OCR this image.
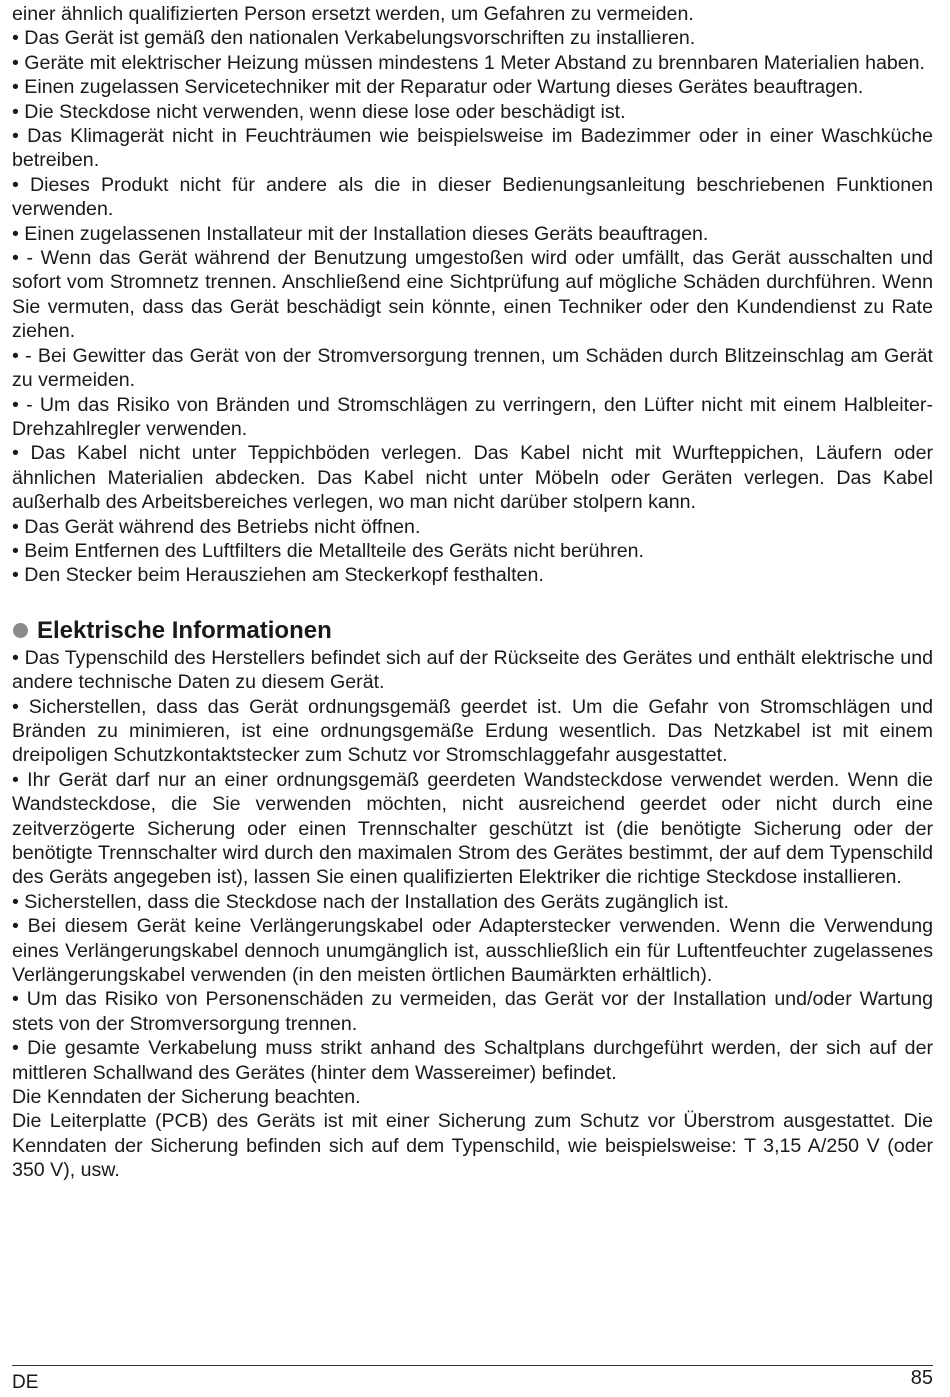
einer ähnlich qualifizierten Person ersetzt werden, um Gefahren zu vermeiden.

• Das Gerät ist gemäß den nationalen Verkabelungsvorschriften zu installieren.

• Geräte mit elektrischer Heizung müssen mindestens 1 Meter Abstand zu brennbaren Materialien haben.

• Einen zugelassen Servicetechniker mit der Reparatur oder Wartung dieses Gerätes beauftragen.

• Die Steckdose nicht verwenden, wenn diese lose oder beschädigt ist.

• Das Klimagerät nicht in Feuchträumen wie beispielsweise im Badezimmer oder in einer Waschküche betreiben.

• Dieses Produkt nicht für andere als die in dieser Bedienungsanleitung beschriebenen Funktionen verwenden.

• Einen zugelassenen Installateur mit der Installation dieses Geräts beauftragen.

• - Wenn das Gerät während der Benutzung umgestoßen wird oder umfällt, das Gerät ausschalten und sofort vom Stromnetz trennen. Anschließend eine Sichtprüfung auf mögliche Schäden durchführen. Wenn Sie vermuten, dass das Gerät beschädigt sein könnte, einen Techniker oder den Kundendienst zu Rate ziehen.

• - Bei Gewitter das Gerät von der Stromversorgung trennen, um Schäden durch Blitzeinschlag am Gerät zu vermeiden.

• - Um das Risiko von Bränden und Stromschlägen zu verringern, den Lüfter nicht mit einem Halbleiter-Drehzahlregler verwenden.

• Das Kabel nicht unter Teppichböden verlegen. Das Kabel nicht mit Wurfteppichen, Läufern oder ähnlichen Materialien abdecken. Das Kabel nicht unter Möbeln oder Geräten verlegen. Das Kabel außerhalb des Arbeitsbereiches verlegen, wo man nicht darüber stolpern kann.

• Das Gerät während des Betriebs nicht öffnen.

• Beim Entfernen des Luftfilters die Metallteile des Geräts nicht berühren.

• Den Stecker beim Herausziehen am Steckerkopf festhalten.

Elektrische Informationen

• Das Typenschild des Herstellers befindet sich auf der Rückseite des Gerätes und enthält elektrische und andere technische Daten zu diesem Gerät.

• Sicherstellen, dass das Gerät ordnungsgemäß geerdet ist. Um die Gefahr von Stromschlägen und Bränden zu minimieren, ist eine ordnungsgemäße Erdung wesentlich. Das Netzkabel ist mit einem dreipoligen Schutzkontaktstecker zum Schutz vor Stromschlaggefahr ausgestattet.

• Ihr Gerät darf nur an einer ordnungsgemäß geerdeten Wandsteckdose verwendet werden. Wenn die Wandsteckdose, die Sie verwenden möchten, nicht ausreichend geerdet oder nicht durch eine zeitverzögerte Sicherung oder einen Trennschalter geschützt ist (die benötigte Sicherung oder der benötigte Trennschalter wird durch den maximalen Strom des Gerätes bestimmt, der auf dem Typenschild des Geräts angegeben ist), lassen Sie einen qualifizierten Elektriker die richtige Steckdose installieren.

• Sicherstellen, dass die Steckdose nach der Installation des Geräts zugänglich ist.

• Bei diesem Gerät keine Verlängerungskabel oder Adapterstecker verwenden. Wenn die Verwendung eines Verlängerungskabel dennoch unumgänglich ist, ausschließlich ein für Luftentfeuchter zugelassenes Verlängerungskabel verwenden (in den meisten örtlichen Baumärkten erhältlich).

• Um das Risiko von Personenschäden zu vermeiden, das Gerät vor der Installation und/oder Wartung stets von der Stromversorgung trennen.

• Die gesamte Verkabelung muss strikt anhand des Schaltplans durchgeführt werden, der sich auf der mittleren Schallwand des Gerätes (hinter dem Wassereimer) befindet.

Die Kenndaten der Sicherung beachten.

Die Leiterplatte (PCB) des Geräts ist mit einer Sicherung zum Schutz vor Überstrom ausgestattet. Die Kenndaten der Sicherung befinden sich auf dem Typenschild, wie beispielsweise: T 3,15 A/250 V (oder 350 V), usw.

DE	85
